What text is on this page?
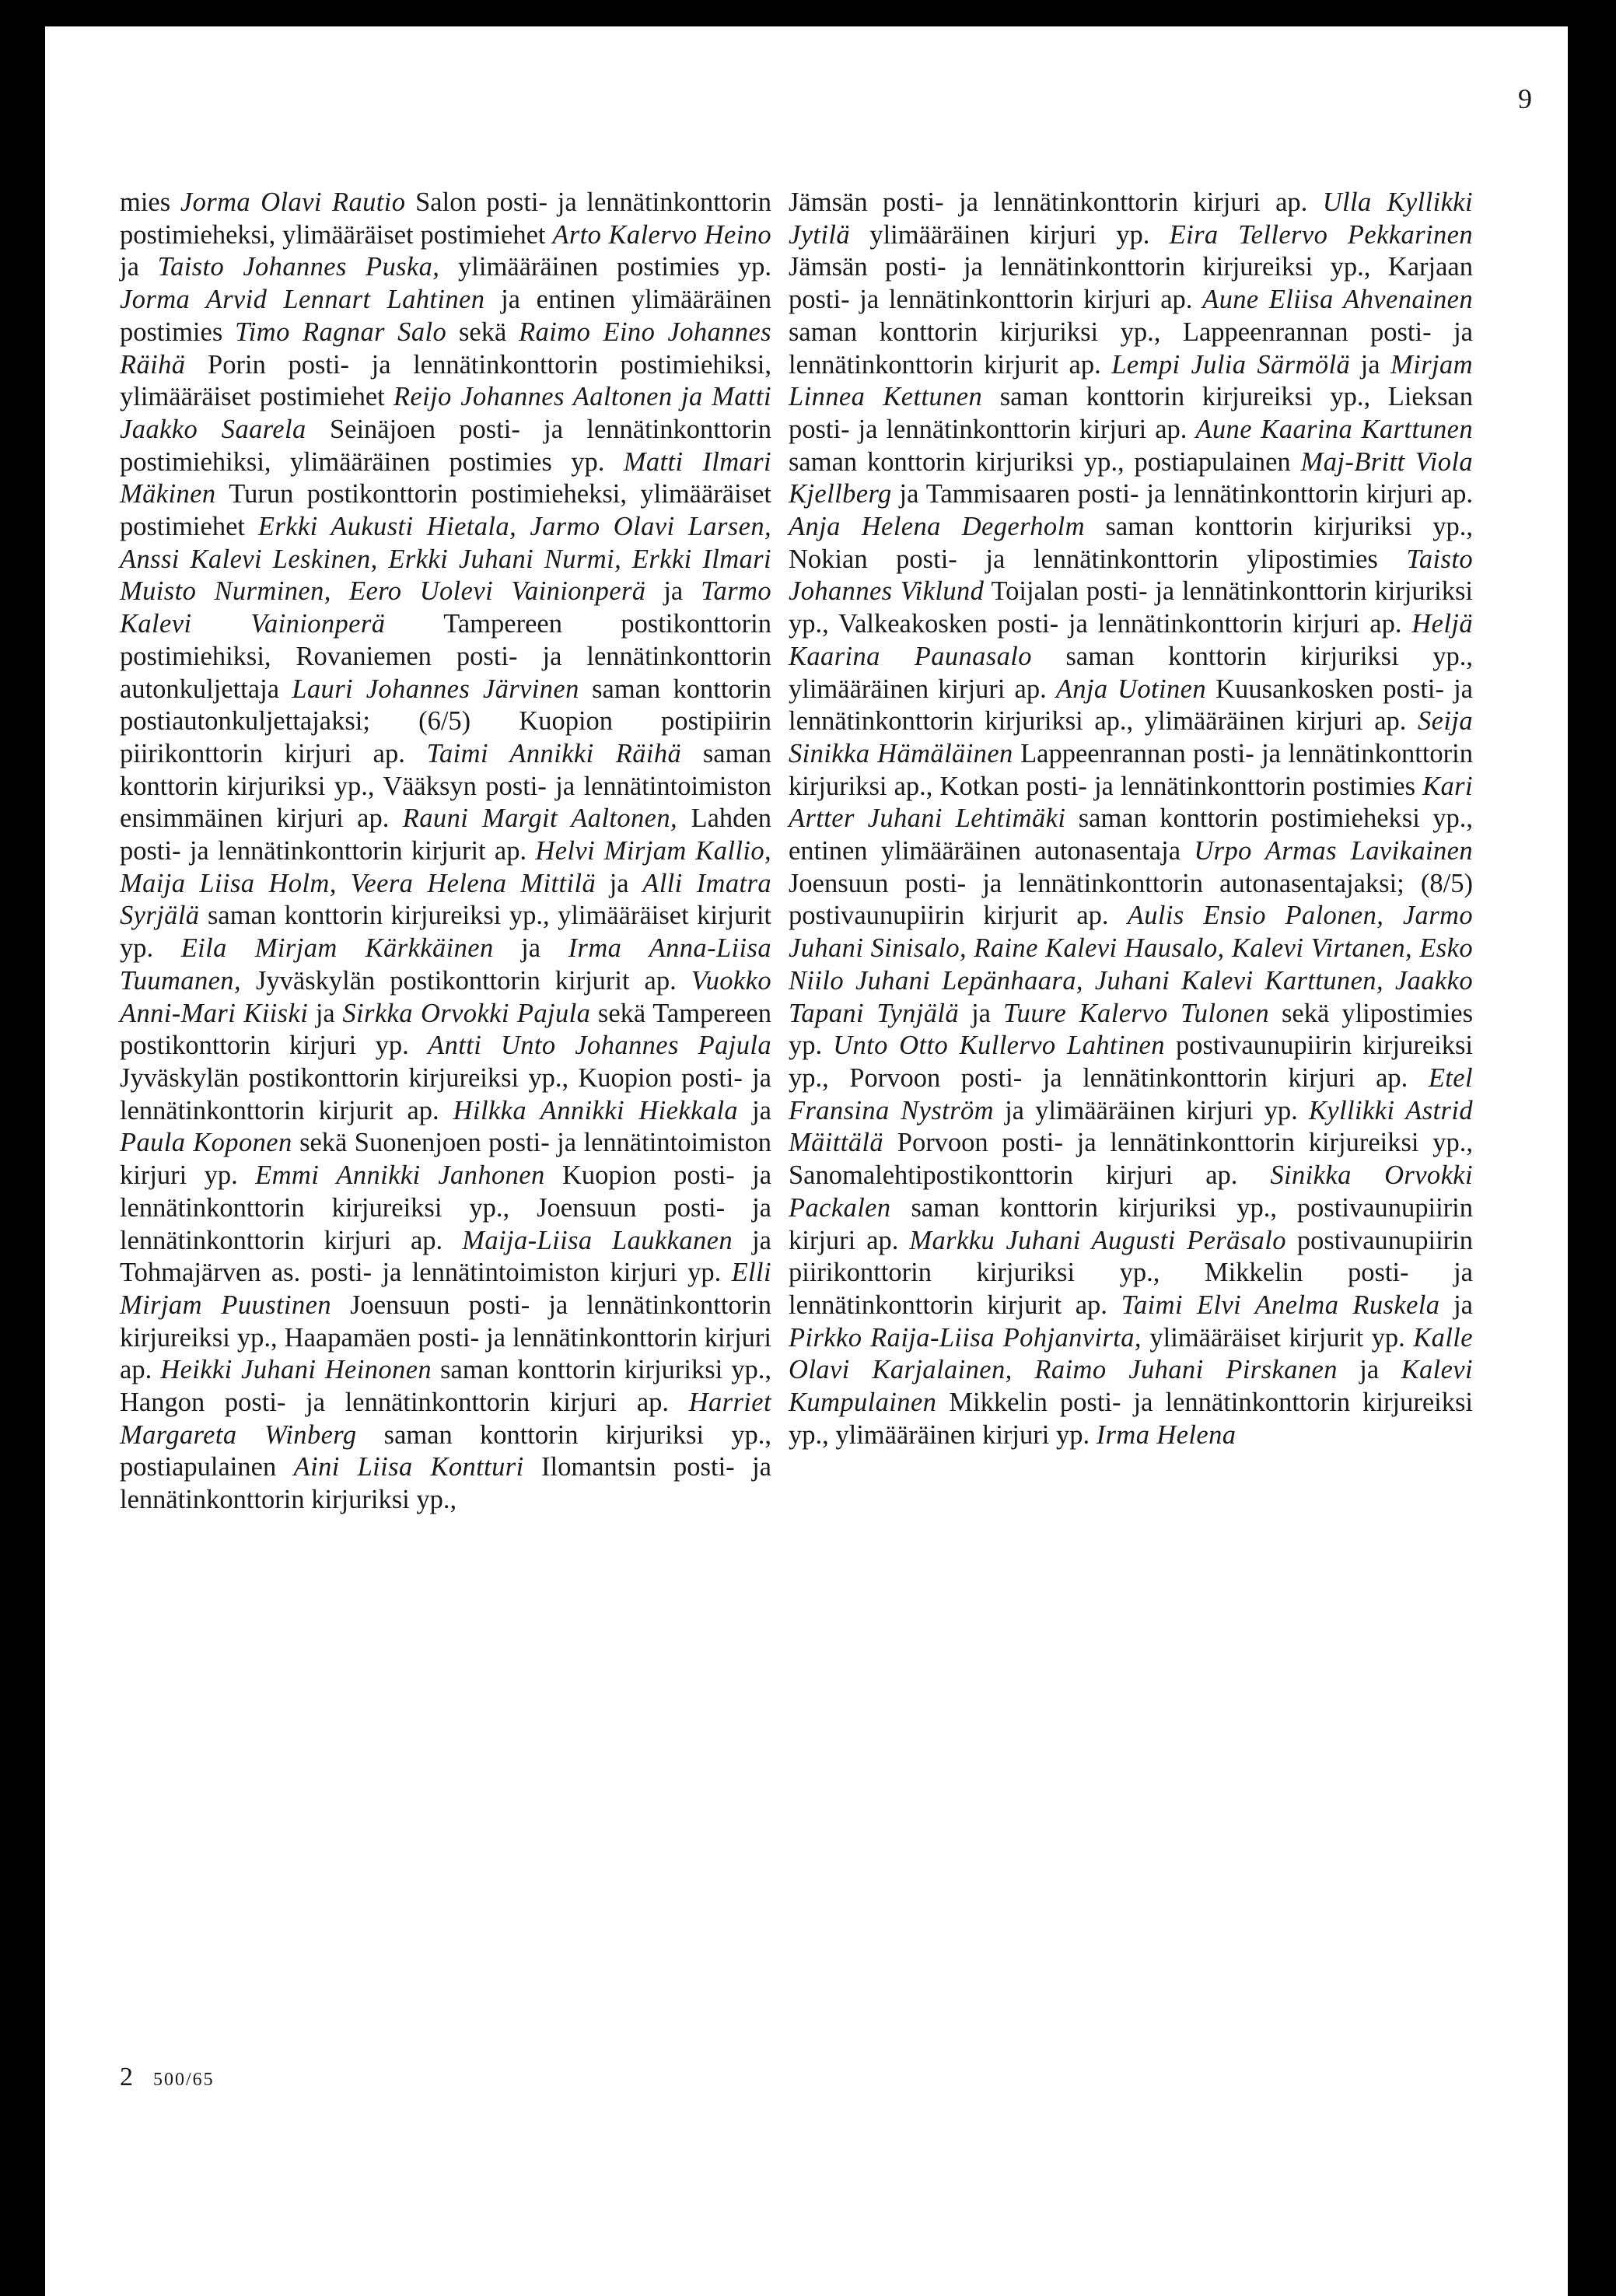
9

mies Jorma Olavi Rautio Salon posti- ja lennätinkonttorin postimieheksi, ylimääräiset postimiehet Arto Kalervo Heino ja Taisto Johannes Puska, ylimääräinen postimies yp. Jorma Arvid Lennart Lahtinen ja entinen ylimääräinen postimies Timo Ragnar Salo sekä Raimo Eino Johannes Räihä Porin posti- ja lennätinkonttorin postimiehiksi, ylimääräiset postimiehet Reijo Johannes Aaltonen ja Matti Jaakko Saarela Seinäjoen posti- ja lennätinkonttorin postimiehiksi, ylimääräinen postimies yp. Matti Ilmari Mäkinen Turun postikonttorin postimieheksi, ylimääräiset postimiehet Erkki Aukusti Hietala, Jarmo Olavi Larsen, Anssi Kalevi Leskinen, Erkki Juhani Nurmi, Erkki Ilmari Muisto Nurminen, Eero Uolevi Vainionperä ja Tarmo Kalevi Vainionperä Tampereen postikonttorin postimiehiksi, Rovaniemen posti- ja lennätinkonttorin autonkuljettaja Lauri Johannes Järvinen saman konttorin postiautonkuljettajaksi; (6/5) Kuopion postipiirin piirikonttorin kirjuri ap. Taimi Annikki Räihä saman konttorin kirjuriksi yp., Vääksyn posti- ja lennätintoimiston ensimmäinen kirjuri ap. Rauni Margit Aaltonen, Lahden posti- ja lennätinkonttorin kirjurit ap. Helvi Mirjam Kallio, Maija Liisa Holm, Veera Helena Mittilä ja Alli Imatra Syrjälä saman konttorin kirjureiksi yp., ylimääräiset kirjurit yp. Eila Mirjam Kärkkäinen ja Irma Anna-Liisa Tuumanen, Jyväskylän postikonttorin kirjurit ap. Vuokko Anni-Mari Kiiski ja Sirkka Orvokki Pajula sekä Tampereen postikonttorin kirjuri yp. Antti Unto Johannes Pajula Jyväskylän postikonttorin kirjureiksi yp., Kuopion posti- ja lennätinkonttorin kirjurit ap. Hilkka Annikki Hiekkala ja Paula Koponen sekä Suonenjoen posti- ja lennätintoimiston kirjuri yp. Emmi Annikki Janhonen Kuopion posti- ja lennätinkonttorin kirjureiksi yp., Joensuun posti- ja lennätinkonttorin kirjuri ap. Maija-Liisa Laukkanen ja Tohmajärven as. posti- ja lennätintoimiston kirjuri yp. Elli Mirjam Puustinen Joensuun posti- ja lennätinkonttorin kirjureiksi yp., Haapamäen posti- ja lennätinkonttorin kirjuri ap. Heikki Juhani Heinonen saman konttorin kirjuriksi yp., Hangon posti- ja lennätinkonttorin kirjuri ap. Harriet Margareta Winberg saman konttorin kirjuriksi yp., postiapulainen Aini Liisa Kontturi Ilomantsin posti- ja lennätinkonttorin kirjuriksi yp.,

Jämsän posti- ja lennätinkonttorin kirjuri ap. Ulla Kyllikki Jytilä ylimääräinen kirjuri yp. Eira Tellervo Pekkarinen Jämsän posti- ja lennätinkonttorin kirjureiksi yp., Karjaan posti- ja lennätinkonttorin kirjuri ap. Aune Eliisa Ahvenainen saman konttorin kirjuriksi yp., Lappeenrannan posti- ja lennätinkonttorin kirjurit ap. Lempi Julia Särmölä ja Mirjam Linnea Kettunen saman konttorin kirjureiksi yp., Lieksan posti- ja lennätinkonttorin kirjuri ap. Aune Kaarina Karttunen saman konttorin kirjuriksi yp., postiapulainen Maj-Britt Viola Kjellberg ja Tammisaaren posti- ja lennätinkonttorin kirjuri ap. Anja Helena Degerholm saman konttorin kirjuriksi yp., Nokian posti- ja lennätinkonttorin ylipostimies Taisto Johannes Viklund Toijalan posti- ja lennätinkonttorin kirjuriksi yp., Valkeakosken posti- ja lennätinkonttorin kirjuri ap. Heljä Kaarina Paunasalo saman konttorin kirjuriksi yp., ylimääräinen kirjuri ap. Anja Uotinen Kuusankosken posti- ja lennätinkonttorin kirjuriksi ap., ylimääräinen kirjuri ap. Seija Sinikka Hämäläinen Lappeenrannan posti- ja lennätinkonttorin kirjuriksi ap., Kotkan posti- ja lennätinkonttorin postimies Kari Artter Juhani Lehtimäki saman konttorin postimieheksi yp., entinen ylimääräinen autonasentaja Urpo Armas Lavikainen Joensuun posti- ja lennätinkonttorin autonasentajaksi; (8/5) postivaunupiirin kirjurit ap. Aulis Ensio Palonen, Jarmo Juhani Sinisalo, Raine Kalevi Hausalo, Kalevi Virtanen, Esko Niilo Juhani Lepänhaara, Juhani Kalevi Karttunen, Jaakko Tapani Tynjälä ja Tuure Kalervo Tulonen sekä ylipostimies yp. Unto Otto Kullervo Lahtinen postivaunupiirin kirjureiksi yp., Porvoon posti- ja lennätinkonttorin kirjuri ap. Etel Fransina Nyström ja ylimääräinen kirjuri yp. Kyllikki Astrid Mäittälä Porvoon posti- ja lennätinkonttorin kirjureiksi yp., Sanomalehtipostikonttorin kirjuri ap. Sinikka Orvokki Packalen saman konttorin kirjuriksi yp., postivaunupiirin kirjuri ap. Markku Juhani Augusti Peräsalo postivaunupiirin piirikonttorin kirjuriksi yp., Mikkelin posti- ja lennätinkonttorin kirjurit ap. Taimi Elvi Anelma Ruskela ja Pirkko Raija-Liisa Pohjanvirta, ylimääräiset kirjurit yp. Kalle Olavi Karjalainen, Raimo Juhani Pirskanen ja Kalevi Kumpulainen Mikkelin posti- ja lennätinkonttorin kirjureiksi yp., ylimääräinen kirjuri yp. Irma Helena

2 500/65
